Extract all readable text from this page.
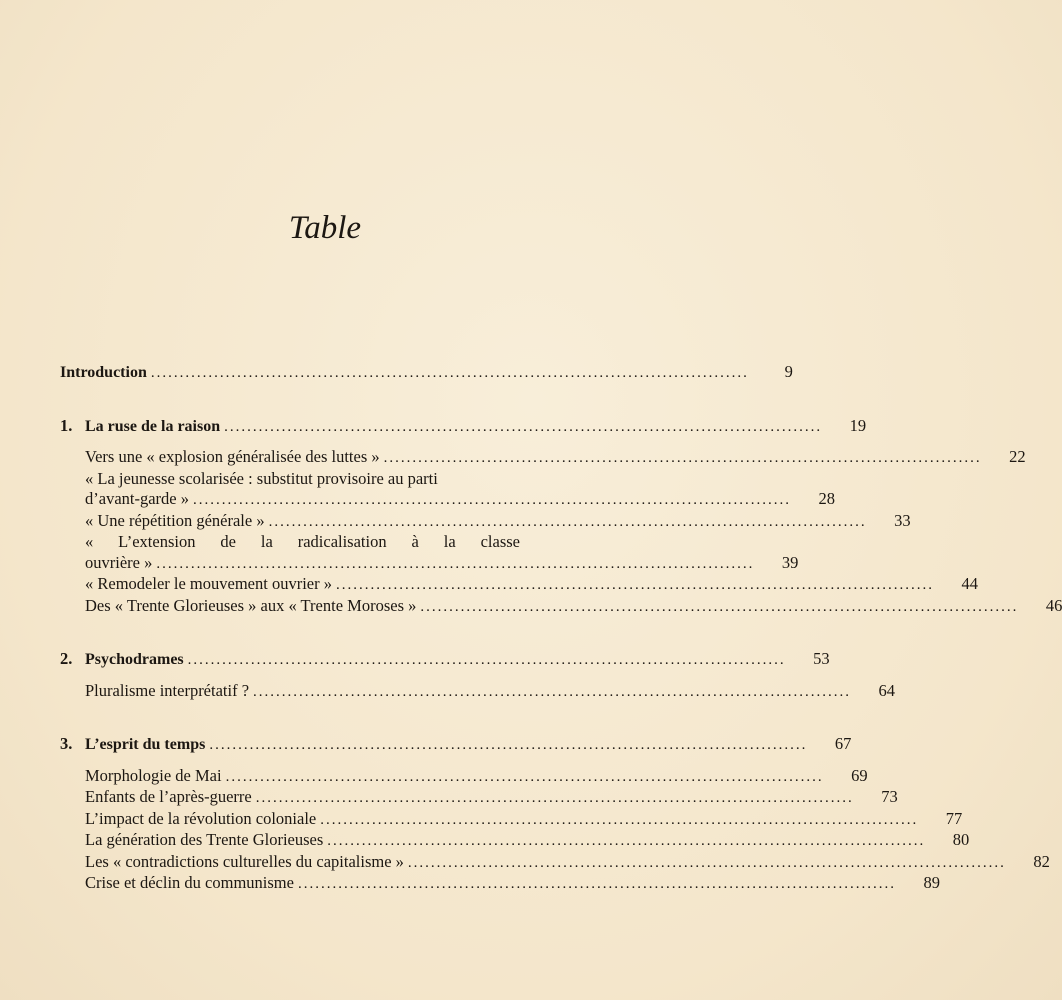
Table
Introduction ........................................................................................................	9
1. La ruse de la raison ........................................................................................................	19
Vers une « explosion généralisée des luttes » ........................................................................................................	22
« La jeunesse scolarisée : substitut provisoire au parti
d’avant-garde » ........................................................................................................	28
« Une répétition générale » ........................................................................................................	33
« L’extension de la radicalisation à la classe
ouvrière » ........................................................................................................	39
« Remodeler le mouvement ouvrier » ........................................................................................................	44
Des « Trente Glorieuses » aux « Trente Moroses » ........................................................................................................	46
2. Psychodrames ........................................................................................................	53
Pluralisme interprétatif ? ........................................................................................................	64
3. L’esprit du temps ........................................................................................................	67
Morphologie de Mai ........................................................................................................	69
Enfants de l’après-guerre ........................................................................................................	73
L’impact de la révolution coloniale ........................................................................................................	77
La génération des Trente Glorieuses ........................................................................................................	80
Les « contradictions culturelles du capitalisme » ........................................................................................................	82
Crise et déclin du communisme ........................................................................................................	89
